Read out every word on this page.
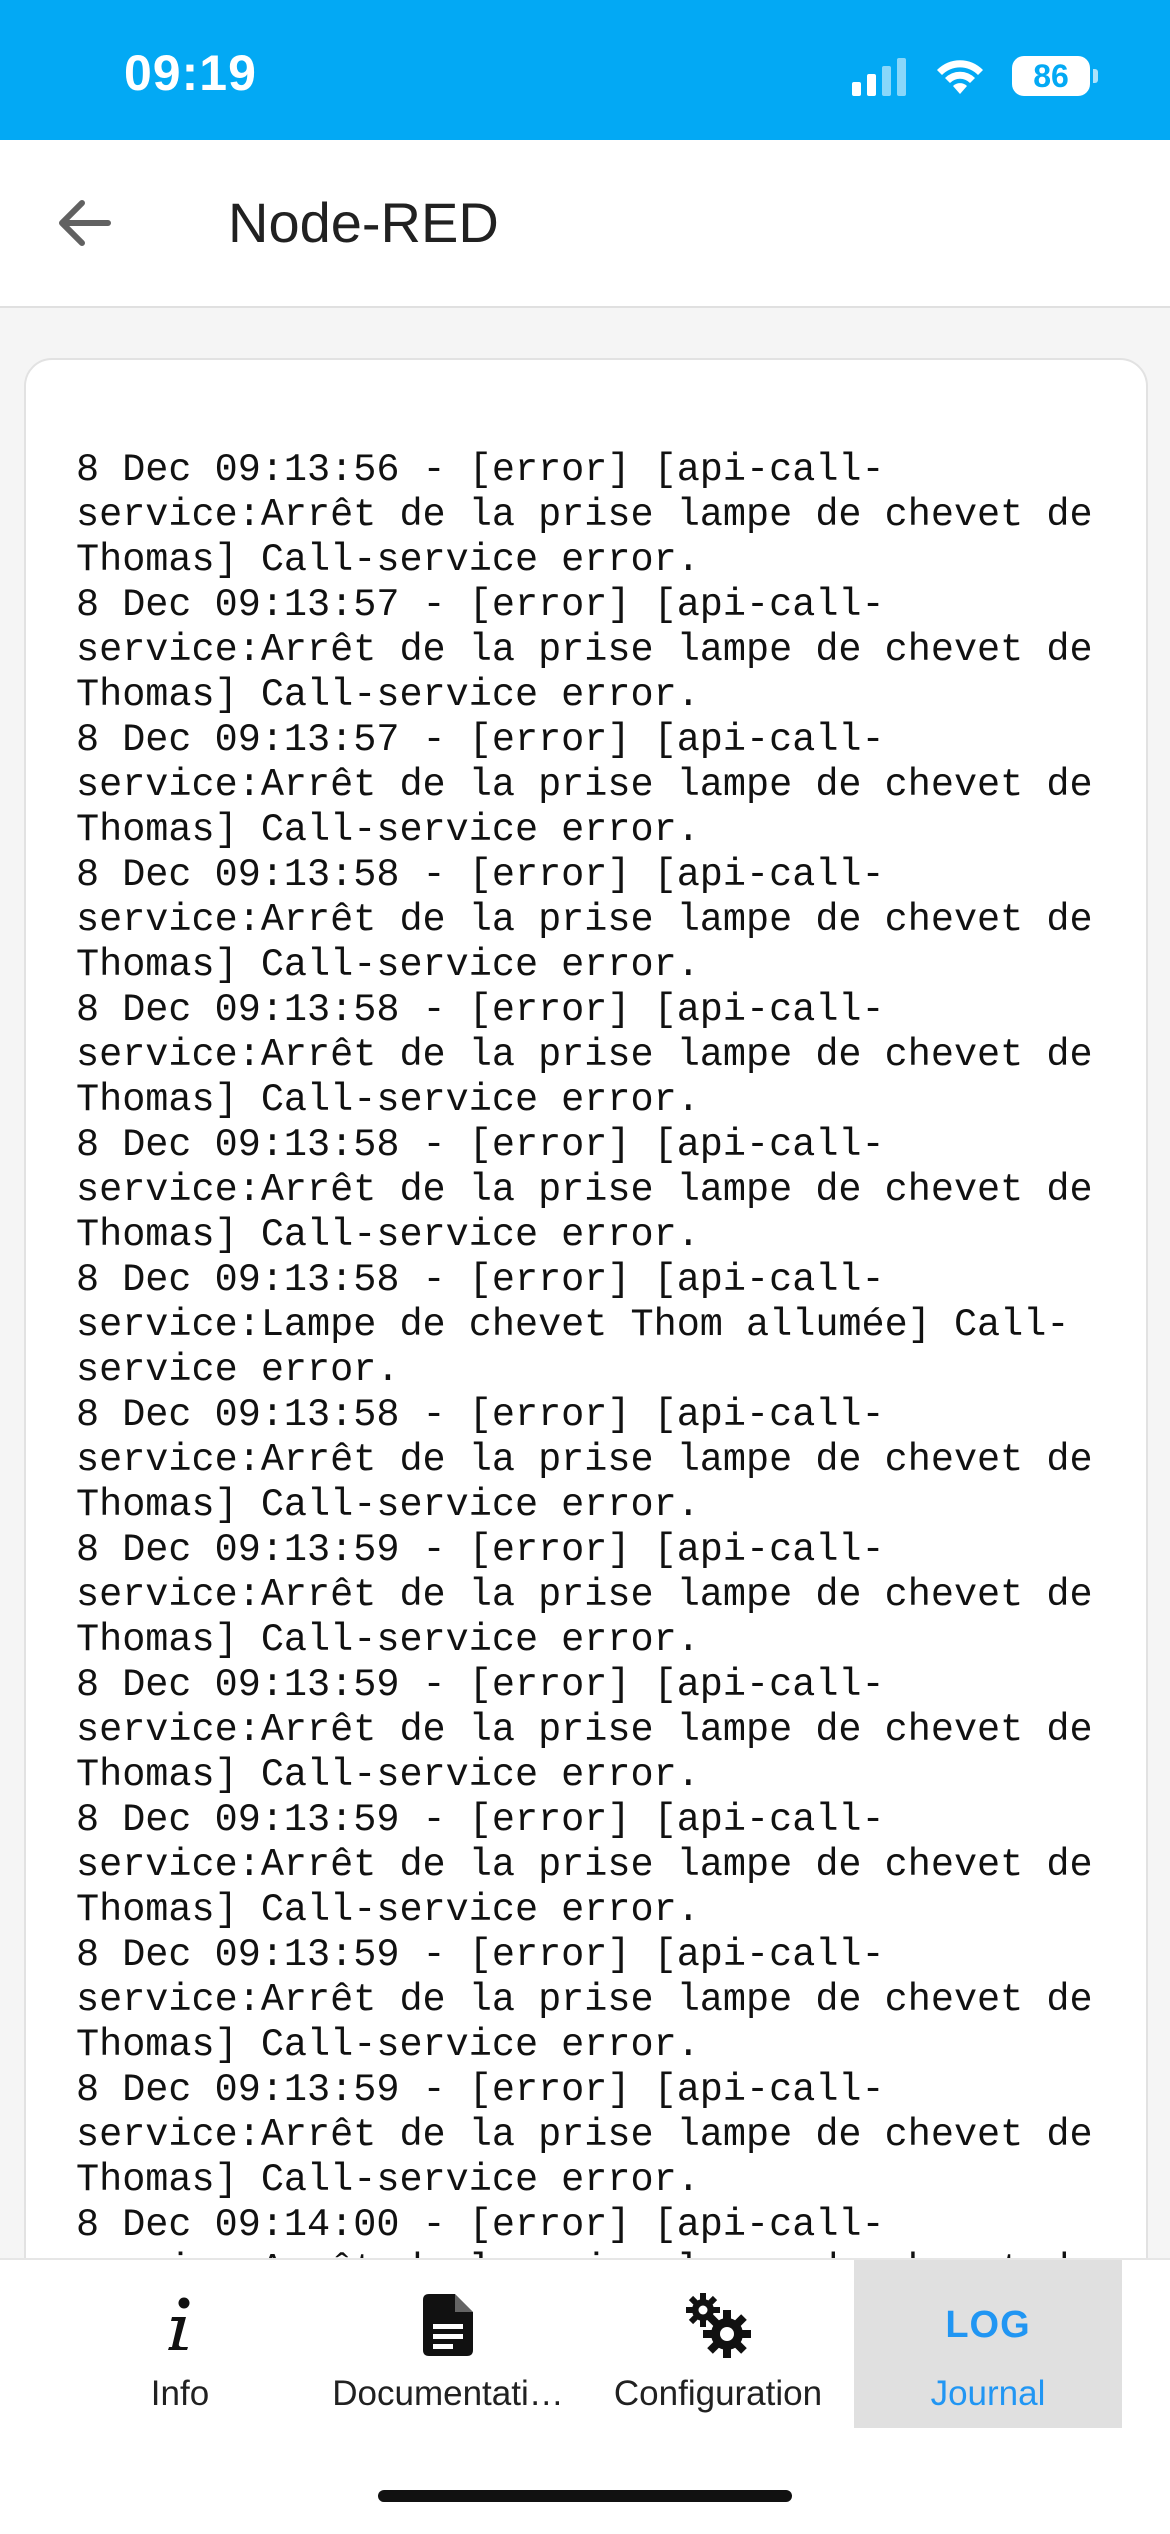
09:19	86
Node-RED
8 Dec 09:13:56 - [error] [api-call-service:Arrêt de la prise lampe de chevet de Thomas] Call-service error.
8 Dec 09:13:57 - [error] [api-call-service:Arrêt de la prise lampe de chevet de Thomas] Call-service error.
8 Dec 09:13:57 - [error] [api-call-service:Arrêt de la prise lampe de chevet de Thomas] Call-service error.
8 Dec 09:13:58 - [error] [api-call-service:Arrêt de la prise lampe de chevet de Thomas] Call-service error.
8 Dec 09:13:58 - [error] [api-call-service:Arrêt de la prise lampe de chevet de Thomas] Call-service error.
8 Dec 09:13:58 - [error] [api-call-service:Arrêt de la prise lampe de chevet de Thomas] Call-service error.
8 Dec 09:13:58 - [error] [api-call-service:Lampe de chevet Thom allumée] Call-service error.
8 Dec 09:13:58 - [error] [api-call-service:Arrêt de la prise lampe de chevet de Thomas] Call-service error.
8 Dec 09:13:59 - [error] [api-call-service:Arrêt de la prise lampe de chevet de Thomas] Call-service error.
8 Dec 09:13:59 - [error] [api-call-service:Arrêt de la prise lampe de chevet de Thomas] Call-service error.
8 Dec 09:13:59 - [error] [api-call-service:Arrêt de la prise lampe de chevet de Thomas] Call-service error.
8 Dec 09:13:59 - [error] [api-call-service:Arrêt de la prise lampe de chevet de Thomas] Call-service error.
8 Dec 09:13:59 - [error] [api-call-service:Arrêt de la prise lampe de chevet de Thomas] Call-service error.
8 Dec 09:14:00 - [error] [api-call-
Info	Documentati… Configuration
LOG
Journal
